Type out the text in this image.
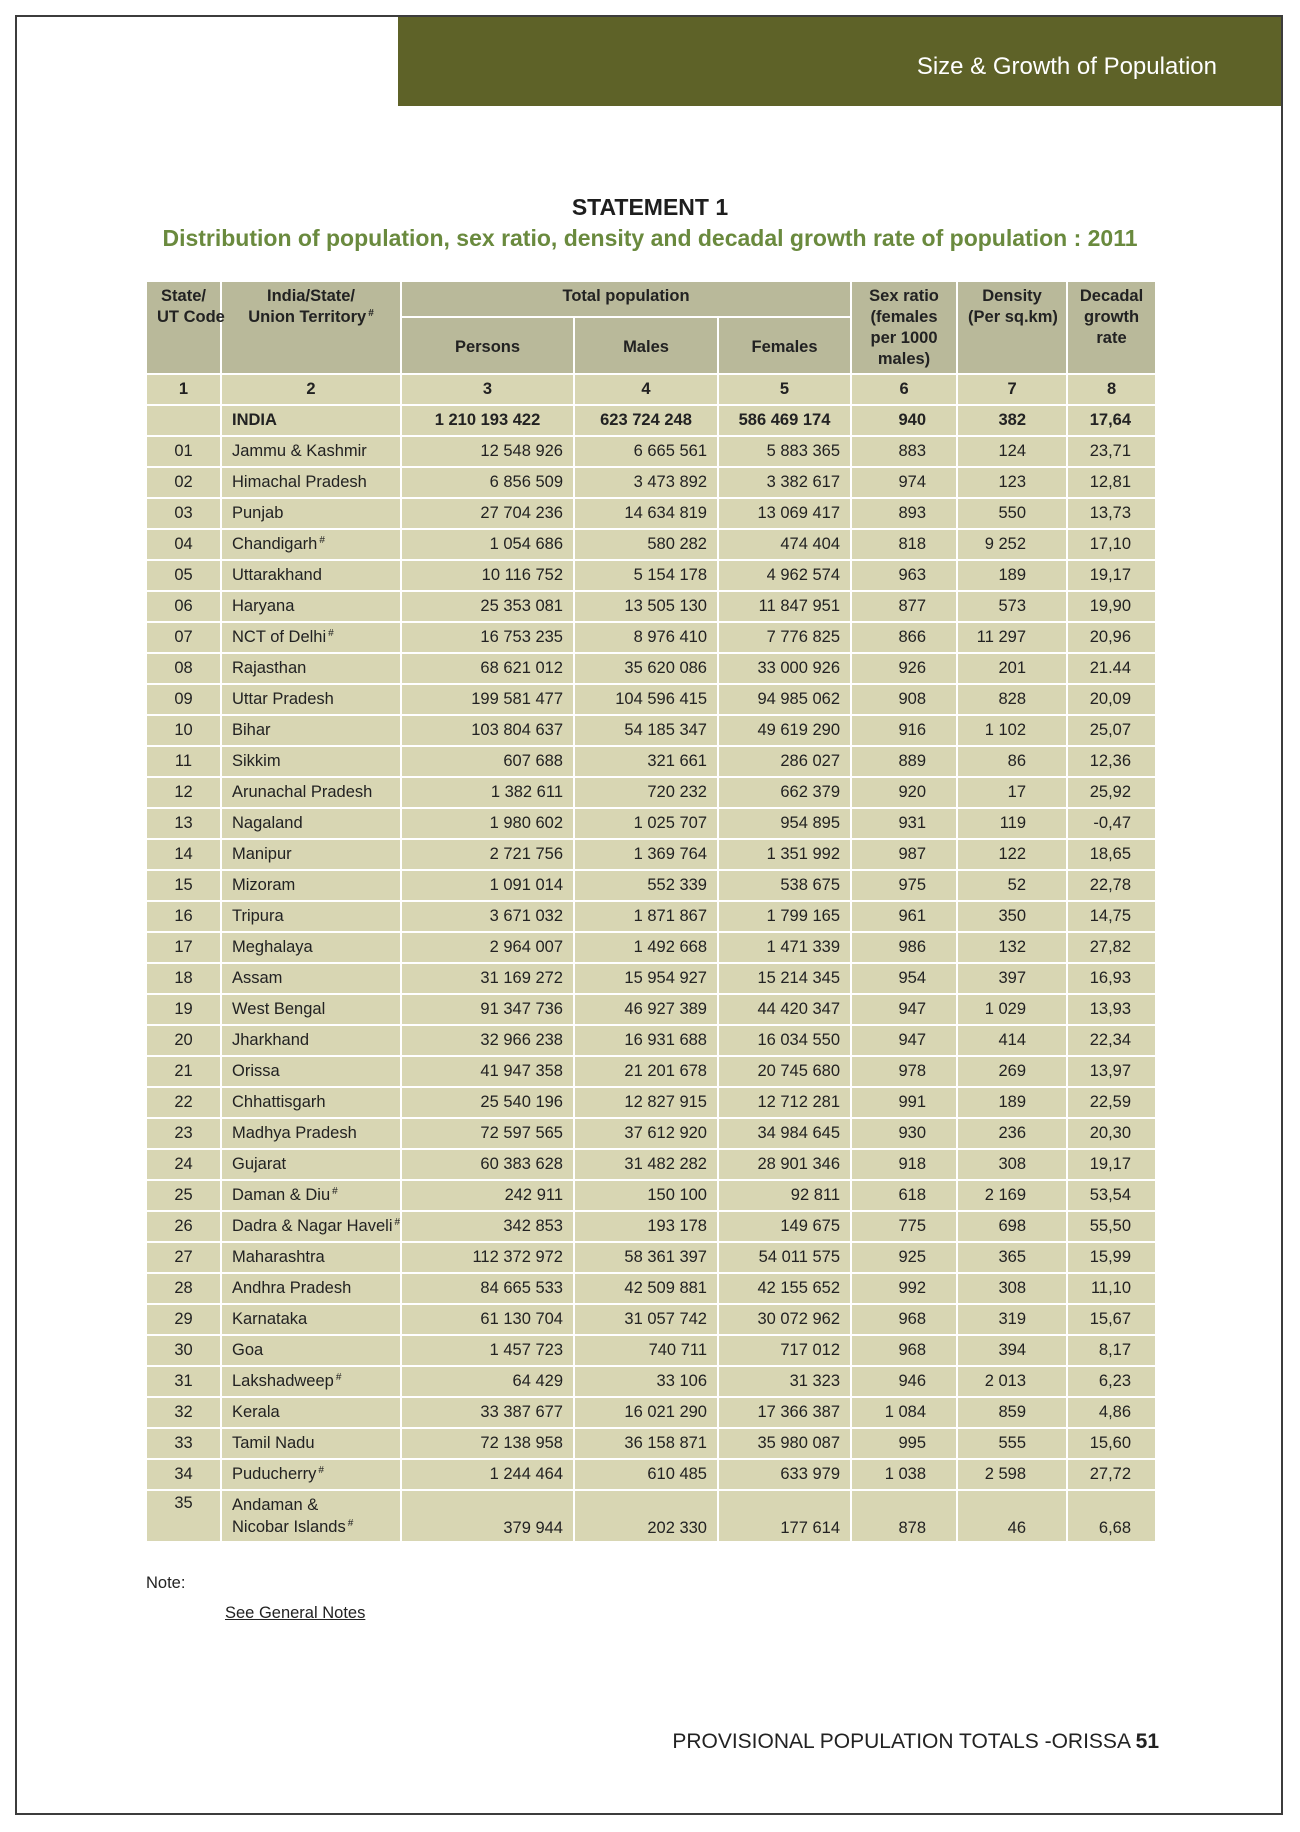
Size & Growth of Population
STATEMENT 1
Distribution of population, sex ratio, density and decadal growth rate of population : 2011
State/
UT Code	India/State/
Union Territory #	Total population			Sex ratio
(females
per 1000
males)	Density
(Per sq.km)	Decadal
growth
rate
		Persons	Males	Females			
1	2	3	4	5	6	7	8
	INDIA	1 210 193 422	623 724 248	586 469 174	940	382	17,64
01	Jammu & Kashmir	12 548 926	6 665 561	5 883 365	883	124	23,71
02	Himachal Pradesh	6 856 509	3 473 892	3 382 617	974	123	12,81
03	Punjab	27 704 236	14 634 819	13 069 417	893	550	13,73
04	Chandigarh #	1 054 686	580 282	474 404	818	9 252	17,10
05	Uttarakhand	10 116 752	5 154 178	4 962 574	963	189	19,17
06	Haryana	25 353 081	13 505 130	11 847 951	877	573	19,90
07	NCT of Delhi #	16 753 235	8 976 410	7 776 825	866	11 297	20,96
08	Rajasthan	68 621 012	35 620 086	33 000 926	926	201	21.44
09	Uttar Pradesh	199 581 477	104 596 415	94 985 062	908	828	20,09
10	Bihar	103 804 637	54 185 347	49 619 290	916	1 102	25,07
11	Sikkim	607 688	321 661	286 027	889	86	12,36
12	Arunachal Pradesh	1 382 611	720 232	662 379	920	17	25,92
13	Nagaland	1 980 602	1 025 707	954 895	931	119	-0,47
14	Manipur	2 721 756	1 369 764	1 351 992	987	122	18,65
15	Mizoram	1 091 014	552 339	538 675	975	52	22,78
16	Tripura	3 671 032	1 871 867	1 799 165	961	350	14,75
17	Meghalaya	2 964 007	1 492 668	1 471 339	986	132	27,82
18	Assam	31 169 272	15 954 927	15 214 345	954	397	16,93
19	West Bengal	91 347 736	46 927 389	44 420 347	947	1 029	13,93
20	Jharkhand	32 966 238	16 931 688	16 034 550	947	414	22,34
21	Orissa	41 947 358	21 201 678	20 745 680	978	269	13,97
22	Chhattisgarh	25 540 196	12 827 915	12 712 281	991	189	22,59
23	Madhya Pradesh	72 597 565	37 612 920	34 984 645	930	236	20,30
24	Gujarat	60 383 628	31 482 282	28 901 346	918	308	19,17
25	Daman & Diu #	242 911	150 100	92 811	618	2 169	53,54
26	Dadra & Nagar Haveli #	342 853	193 178	149 675	775	698	55,50
27	Maharashtra	112 372 972	58 361 397	54 011 575	925	365	15,99
28	Andhra Pradesh	84 665 533	42 509 881	42 155 652	992	308	11,10
29	Karnataka	61 130 704	31 057 742	30 072 962	968	319	15,67
30	Goa	1 457 723	740 711	717 012	968	394	8,17
31	Lakshadweep #	64 429	33 106	31 323	946	2 013	6,23
32	Kerala	33 387 677	16 021 290	17 366 387	1 084	859	4,86
33	Tamil Nadu	72 138 958	36 158 871	35 980 087	995	555	15,60
34	Puducherry #	1 244 464	610 485	633 979	1 038	2 598	27,72
35	Andaman &
Nicobar Islands #	379 944	202 330	177 614	878	46	6,68
Note:
See General Notes
PROVISIONAL POPULATION TOTALS -ORISSA 51
